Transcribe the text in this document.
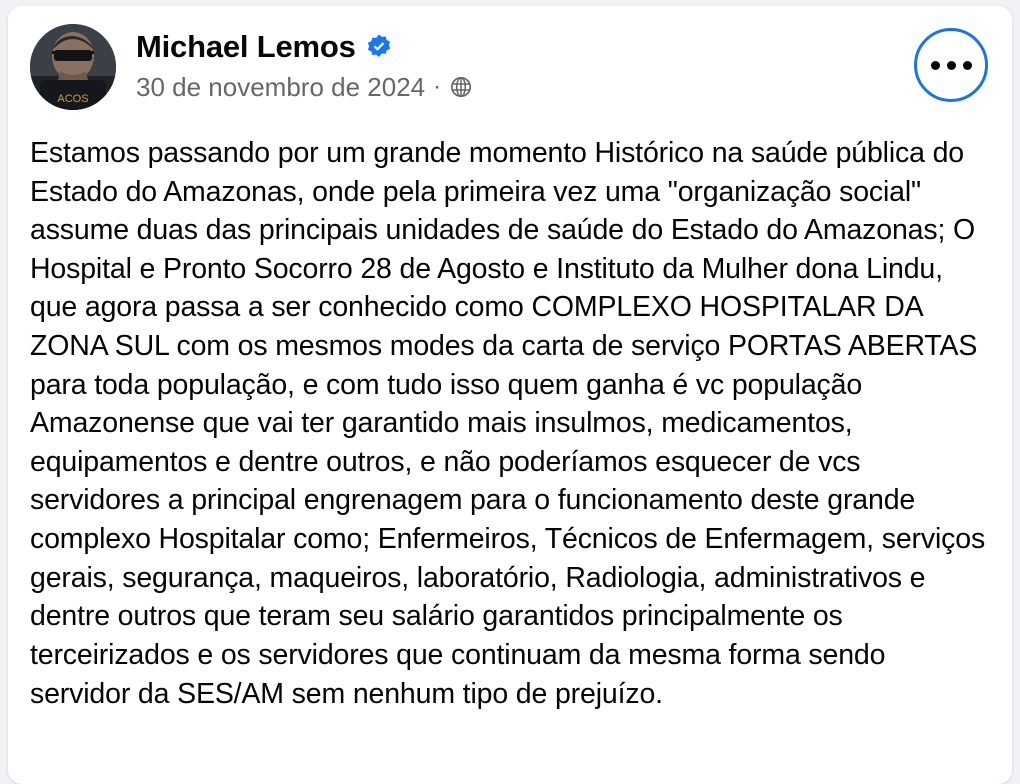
ACOS
Michael Lemos
30 de novembro de 2024 ·
Estamos passando por um grande momento Histórico na saúde pública do Estado do Amazonas, onde pela primeira vez uma "organização social" assume duas das principais unidades de saúde do Estado do Amazonas; O Hospital e Pronto Socorro 28 de Agosto e Instituto da Mulher dona Lindu, que agora passa a ser conhecido como COMPLEXO HOSPITALAR DA ZONA SUL com os mesmos modes da carta de serviço PORTAS ABERTAS para toda população, e com tudo isso quem ganha é vc população Amazonense que vai ter garantido mais insulmos, medicamentos, equipamentos e dentre outros, e não poderíamos esquecer de vcs servidores a principal engrenagem para o funcionamento deste grande complexo Hospitalar como; Enfermeiros, Técnicos de Enfermagem, serviços gerais, segurança, maqueiros, laboratório, Radiologia, administrativos e dentre outros que teram seu salário garantidos principalmente os terceirizados e os servidores que continuam da mesma forma sendo servidor da SES/AM sem nenhum tipo de prejuízo.
